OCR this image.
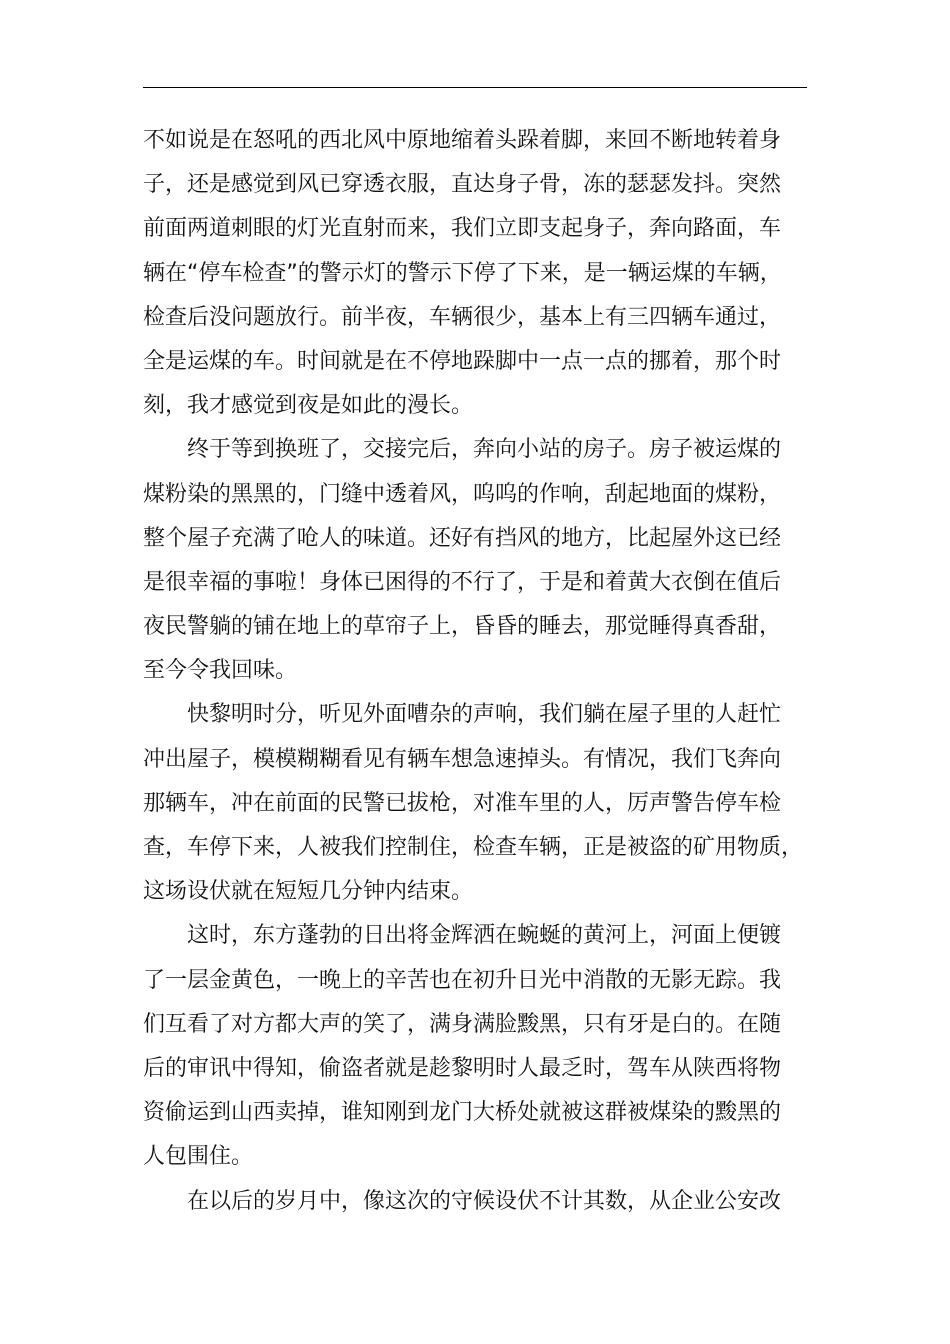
不如说是在怒吼的西北风中原地缩着头跺着脚，来回不断地转着身
子，还是感觉到风已穿透衣服，直达身子骨，冻的瑟瑟发抖。突然
前面两道刺眼的灯光直射而来，我们立即支起身子，奔向路面，车
辆在“停车检查”的警示灯的警示下停了下来，是一辆运煤的车辆，
检查后没问题放行。前半夜，车辆很少，基本上有三四辆车通过，
全是运煤的车。时间就是在不停地跺脚中一点一点的挪着，那个时
刻，我才感觉到夜是如此的漫长。
终于等到换班了，交接完后，奔向小站的房子。房子被运煤的
煤粉染的黑黑的，门缝中透着风，呜呜的作响，刮起地面的煤粉，
整个屋子充满了呛人的味道。还好有挡风的地方，比起屋外这已经
是很幸福的事啦！身体已困得的不行了，于是和着黄大衣倒在值后
夜民警躺的铺在地上的草帘子上，昏昏的睡去，那觉睡得真香甜，
至今令我回味。
快黎明时分，听见外面嘈杂的声响，我们躺在屋子里的人赶忙
冲出屋子，模模糊糊看见有辆车想急速掉头。有情况，我们飞奔向
那辆车，冲在前面的民警已拔枪，对准车里的人，厉声警告停车检
查，车停下来，人被我们控制住，检查车辆，正是被盗的矿用物质，
这场设伏就在短短几分钟内结束。
这时，东方蓬勃的日出将金辉洒在蜿蜒的黄河上，河面上便镀
了一层金黄色，一晚上的辛苦也在初升日光中消散的无影无踪。我
们互看了对方都大声的笑了，满身满脸黢黑，只有牙是白的。在随
后的审讯中得知，偷盗者就是趁黎明时人最乏时，驾车从陕西将物
资偷运到山西卖掉，谁知刚到龙门大桥处就被这群被煤染的黢黑的
人包围住。
在以后的岁月中，像这次的守候设伏不计其数，从企业公安改
